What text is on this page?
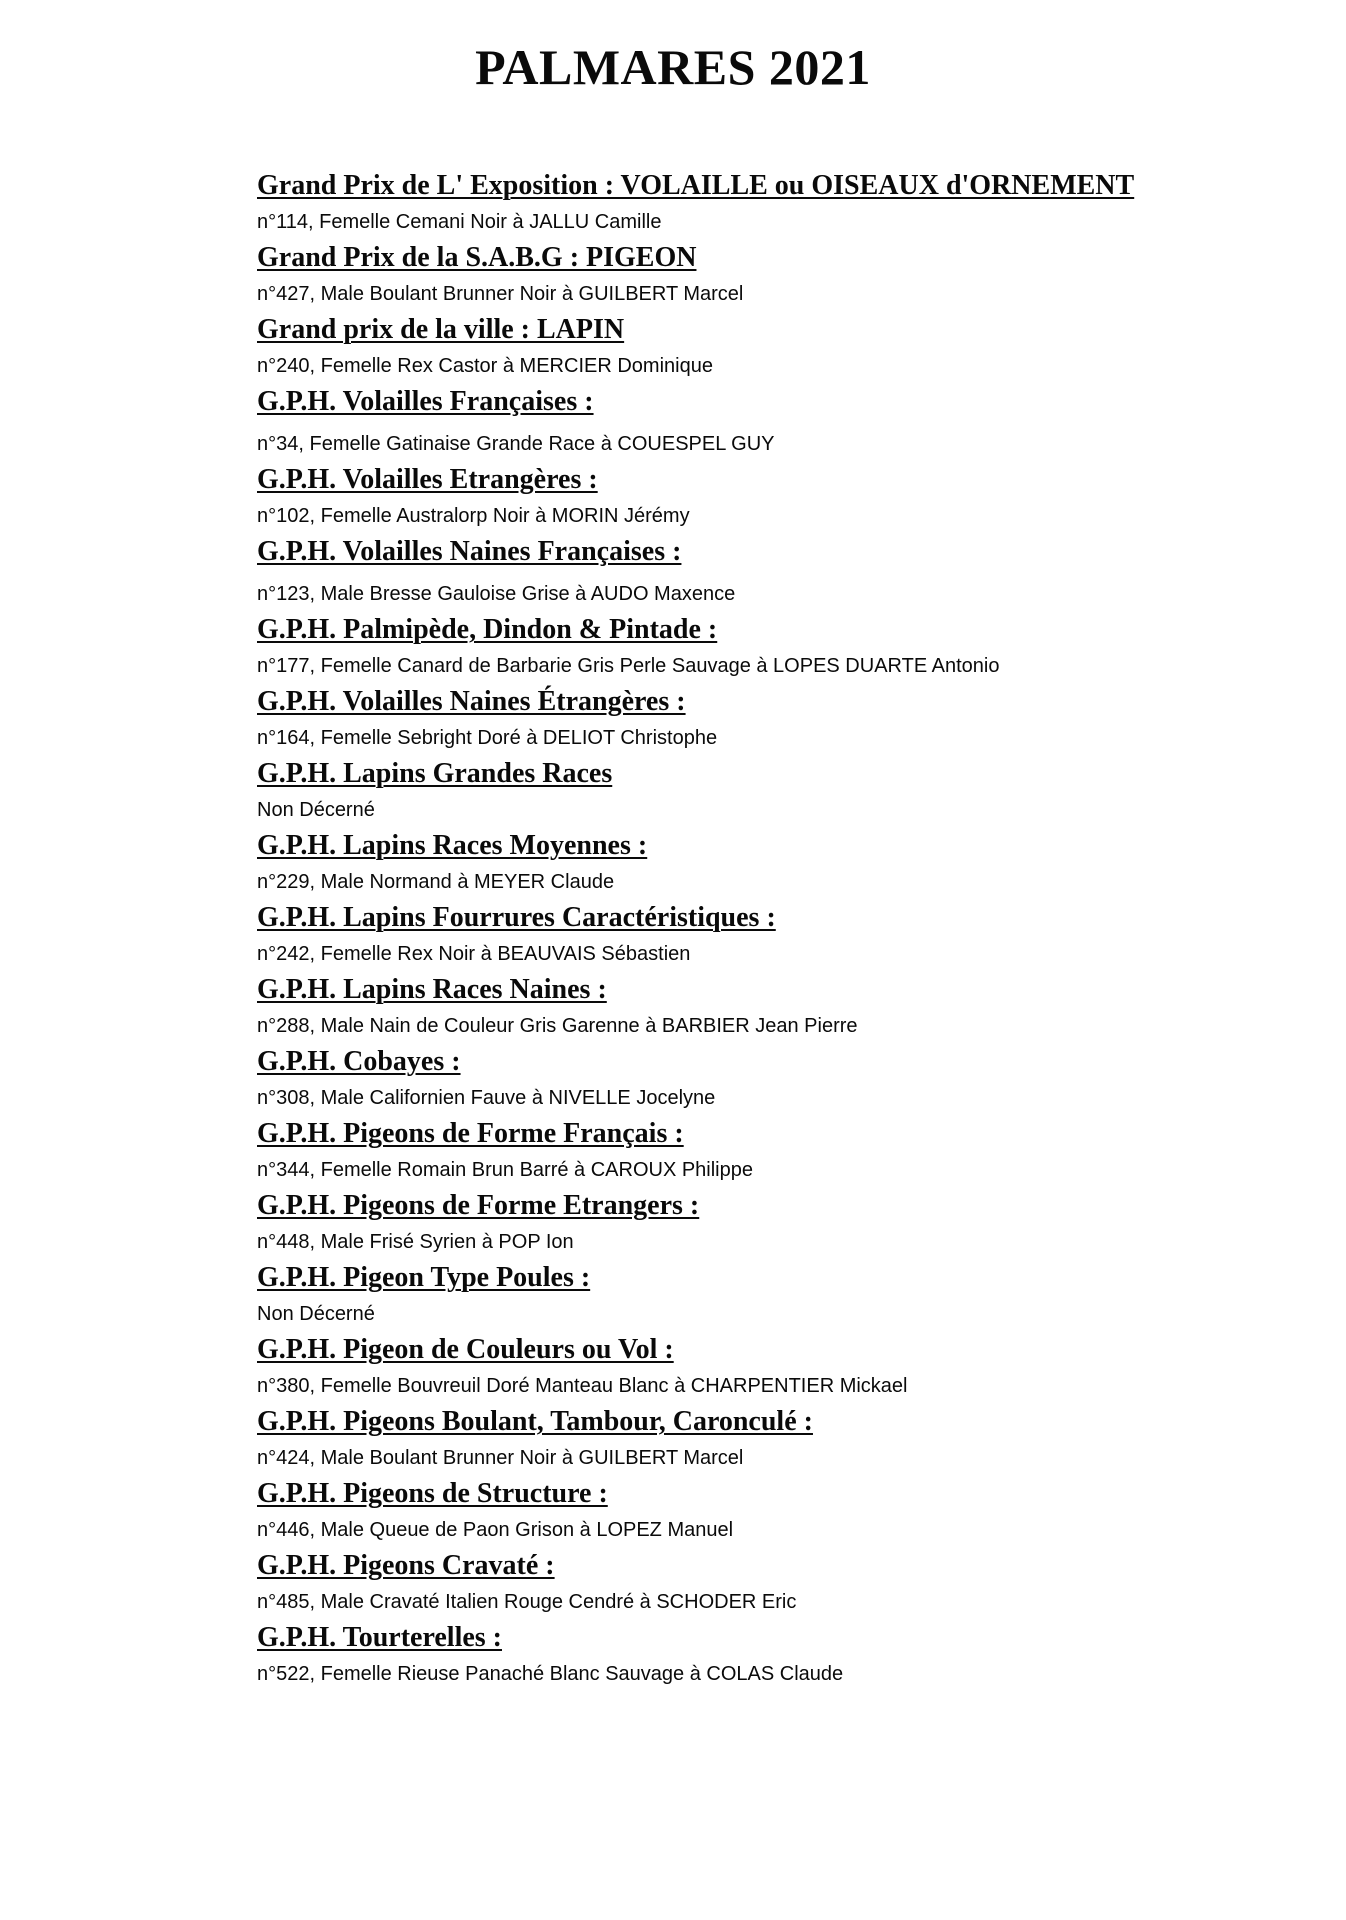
PALMARES 2021
Grand Prix de L' Exposition : VOLAILLE ou OISEAUX d'ORNEMENT
n°114, Femelle Cemani Noir à JALLU Camille
Grand Prix de la S.A.B.G : PIGEON
n°427, Male Boulant Brunner Noir à GUILBERT Marcel
Grand prix de la ville : LAPIN
n°240, Femelle Rex Castor à MERCIER Dominique
G.P.H. Volailles Françaises :
n°34, Femelle Gatinaise Grande Race à COUESPEL GUY
G.P.H. Volailles Etrangères :
n°102, Femelle Australorp Noir à MORIN Jérémy
G.P.H. Volailles Naines Françaises :
n°123, Male Bresse Gauloise Grise à AUDO Maxence
G.P.H. Palmipède, Dindon & Pintade :
n°177, Femelle Canard de Barbarie Gris Perle Sauvage à LOPES DUARTE Antonio
G.P.H. Volailles Naines Étrangères :
n°164, Femelle Sebright Doré à DELIOT Christophe
G.P.H. Lapins Grandes Races
Non Décerné
G.P.H. Lapins Races Moyennes :
n°229, Male Normand à MEYER Claude
G.P.H. Lapins Fourrures Caractéristiques :
n°242, Femelle Rex Noir à BEAUVAIS Sébastien
G.P.H. Lapins Races Naines :
n°288, Male Nain de Couleur Gris Garenne à BARBIER Jean Pierre
G.P.H. Cobayes :
n°308, Male Californien Fauve à NIVELLE Jocelyne
G.P.H. Pigeons de Forme Français :
n°344, Femelle Romain Brun Barré à CAROUX Philippe
G.P.H. Pigeons de Forme Etrangers :
n°448, Male Frisé Syrien à POP Ion
G.P.H. Pigeon Type Poules :
Non Décerné
G.P.H. Pigeon de Couleurs ou Vol :
n°380, Femelle Bouvreuil Doré Manteau Blanc à CHARPENTIER Mickael
G.P.H. Pigeons Boulant, Tambour, Caronculé :
n°424, Male Boulant Brunner Noir à GUILBERT Marcel
G.P.H. Pigeons de Structure :
n°446, Male Queue de Paon Grison à LOPEZ Manuel
G.P.H. Pigeons Cravaté :
n°485, Male Cravaté Italien Rouge Cendré à SCHODER Eric
G.P.H. Tourterelles :
n°522, Femelle Rieuse Panaché Blanc Sauvage à COLAS Claude
